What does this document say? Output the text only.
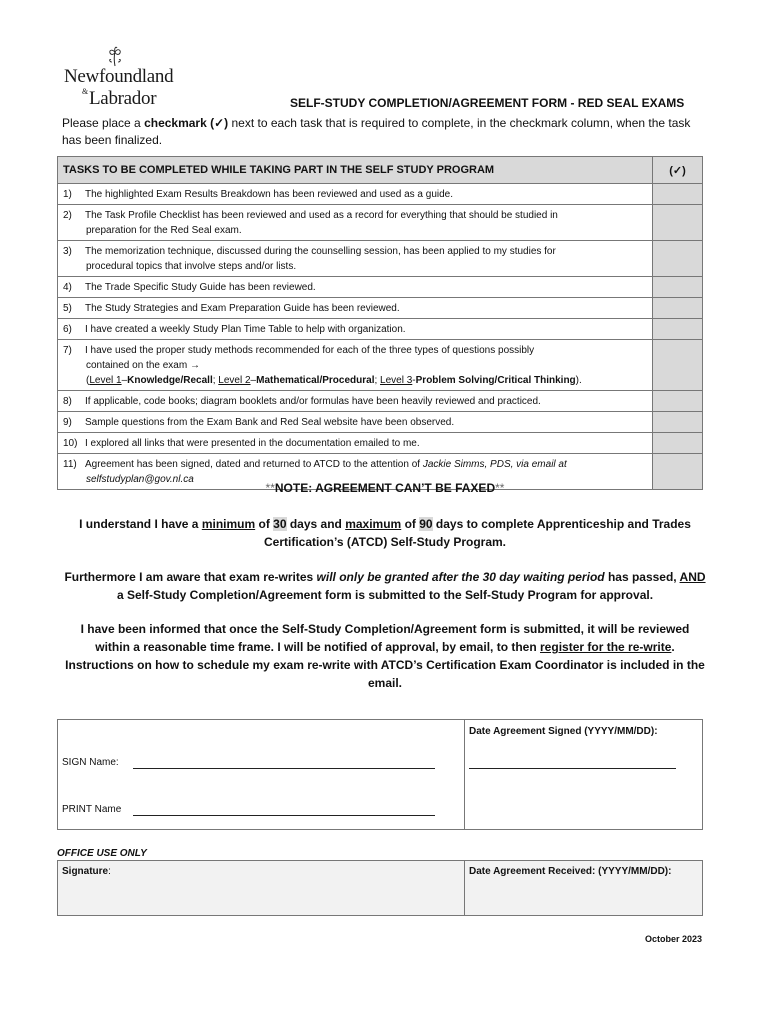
Newfoundland
& Labrador	SELF-STUDY COMPLETION/AGREEMENT FORM - RED SEAL EXAMS
Please place a checkmark (✓) next to each task that is required to complete, in the checkmark column, when the task has been finalized.
TASKS TO BE COMPLETED WHILE TAKING PART IN THE SELF STUDY PROGRAM	(✓)
1) The highlighted Exam Results Breakdown has been reviewed and used as a guide.	
2) The Task Profile Checklist has been reviewed and used as a record for everything that should be studied in
preparation for the Red Seal exam.	

3) The memorization technique, discussed during the counselling session, has been applied to my studies for
procedural topics that involve steps and/or lists.	

4) The Trade Specific Study Guide has been reviewed.	
5) The Study Strategies and Exam Preparation Guide has been reviewed.	
6) I have created a weekly Study Plan Time Table to help with organization.	
7) I have used the proper study methods recommended for each of the three types of questions possibly
contained on the exam →
(Level 1–Knowledge/Recall; Level 2–Mathematical/Procedural; Level 3-Problem Solving/Critical Thinking).	

8) If applicable, code books; diagram booklets and/or formulas have been heavily reviewed and practiced.	
9) Sample questions from the Exam Bank and Red Seal website have been observed.	
10) I explored all links that were presented in the documentation emailed to me.	
11) Agreement has been signed, dated and returned to ATCD to the attention of Jackie Simms, PDS, via email at
selfstudyplan@gov.nl.ca	

**NOTE: AGREEMENT CAN’T BE FAXED**
I understand I have a minimum of 30 days and maximum of 90 days to complete Apprenticeship and Trades Certification’s (ATCD) Self-Study Program.
Furthermore I am aware that exam re-writes will only be granted after the 30 day waiting period has passed, AND a Self-Study Completion/Agreement form is submitted to the Self-Study Program for approval.
I have been informed that once the Self-Study Completion/Agreement form is submitted, it will be reviewed within a reasonable time frame. I will be notified of approval, by email, to then register for the re-write. Instructions on how to schedule my exam re-write with ATCD’s Certification Exam Coordinator is included in the email.
Date Agreement Signed (YYYY/MM/DD):
SIGN Name:
PRINT Name
OFFICE USE ONLY
Signature:	Date Agreement Received: (YYYY/MM/DD):
October 2023
